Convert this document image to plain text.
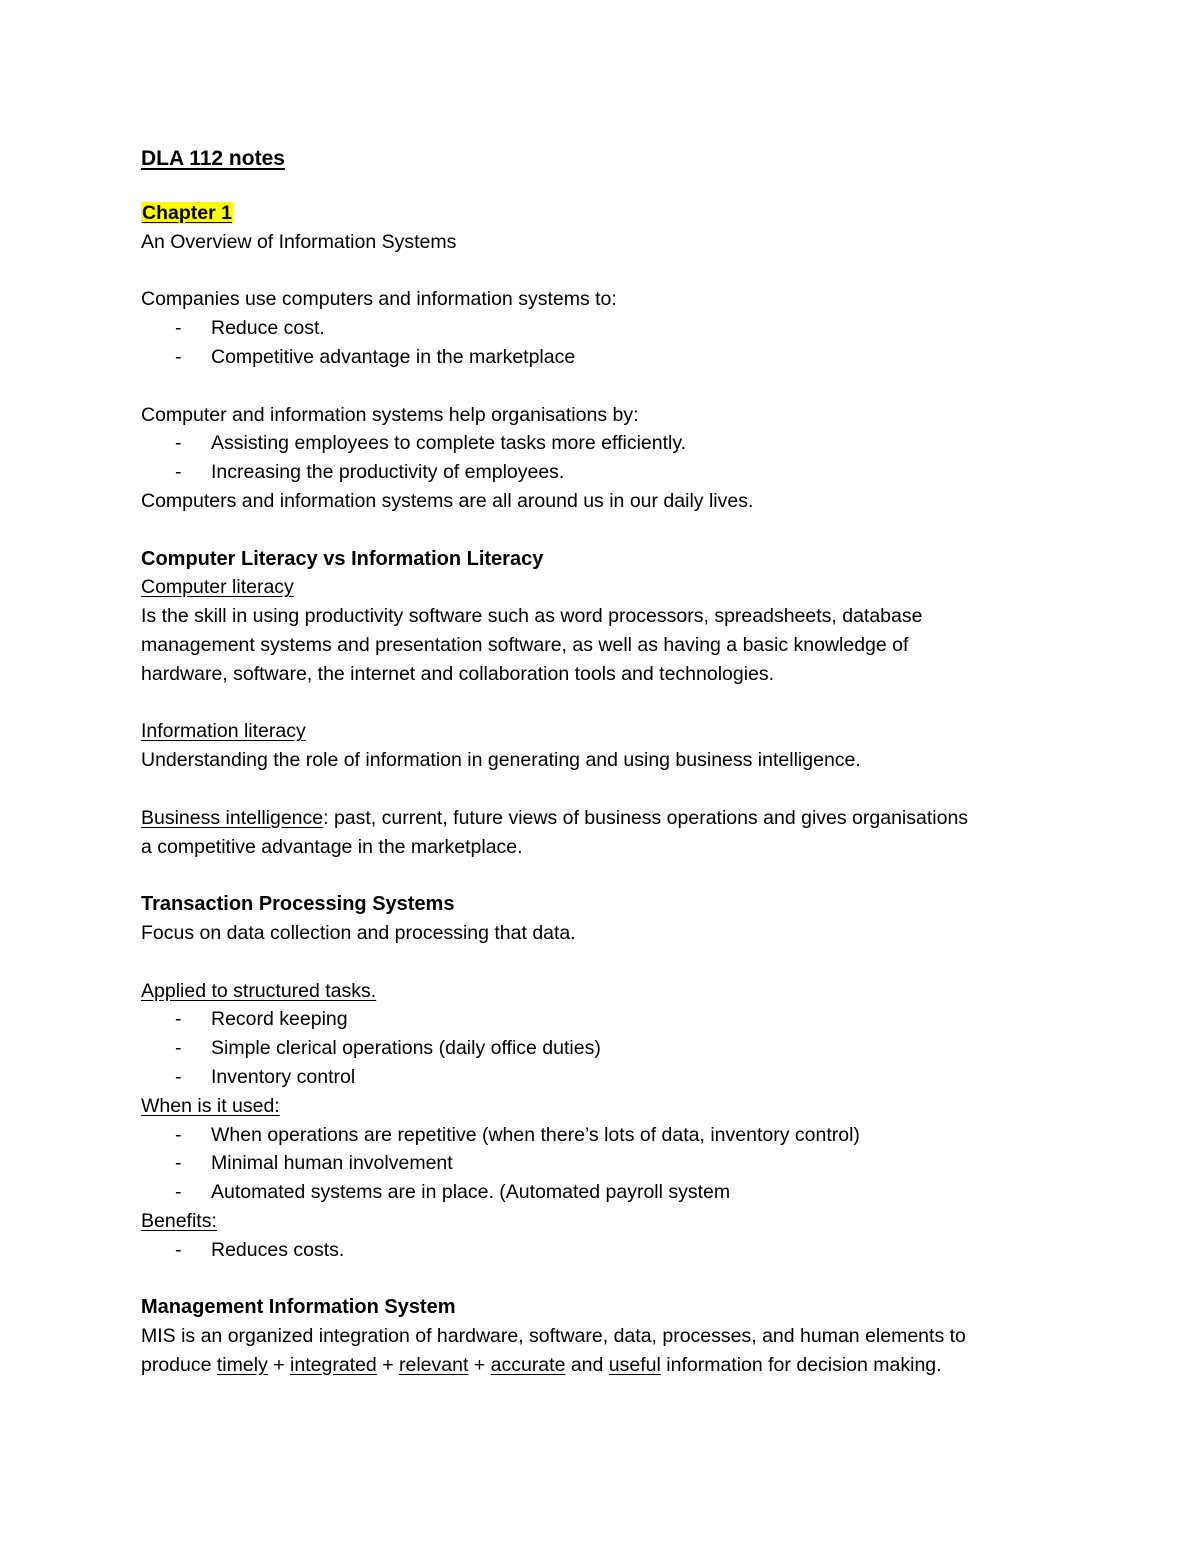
DLA 112 notes
Chapter 1
An Overview of Information Systems
Companies use computers and information systems to:
- Reduce cost.
- Competitive advantage in the marketplace
Computer and information systems help organisations by:
- Assisting employees to complete tasks more efficiently.
- Increasing the productivity of employees.
Computers and information systems are all around us in our daily lives.
Computer Literacy vs Information Literacy
Computer literacy
Is the skill in using productivity software such as word processors, spreadsheets, database
management systems and presentation software, as well as having a basic knowledge of
hardware, software, the internet and collaboration tools and technologies.
Information literacy
Understanding the role of information in generating and using business intelligence.
Business intelligence: past, current, future views of business operations and gives organisations
a competitive advantage in the marketplace.
Transaction Processing Systems
Focus on data collection and processing that data.
Applied to structured tasks.
- Record keeping
- Simple clerical operations (daily office duties)
- Inventory control
When is it used:
- When operations are repetitive (when there’s lots of data, inventory control)
- Minimal human involvement
- Automated systems are in place. (Automated payroll system
Benefits:
- Reduces costs.
Management Information System
MIS is an organized integration of hardware, software, data, processes, and human elements to
produce timely + integrated + relevant + accurate and useful information for decision making.
